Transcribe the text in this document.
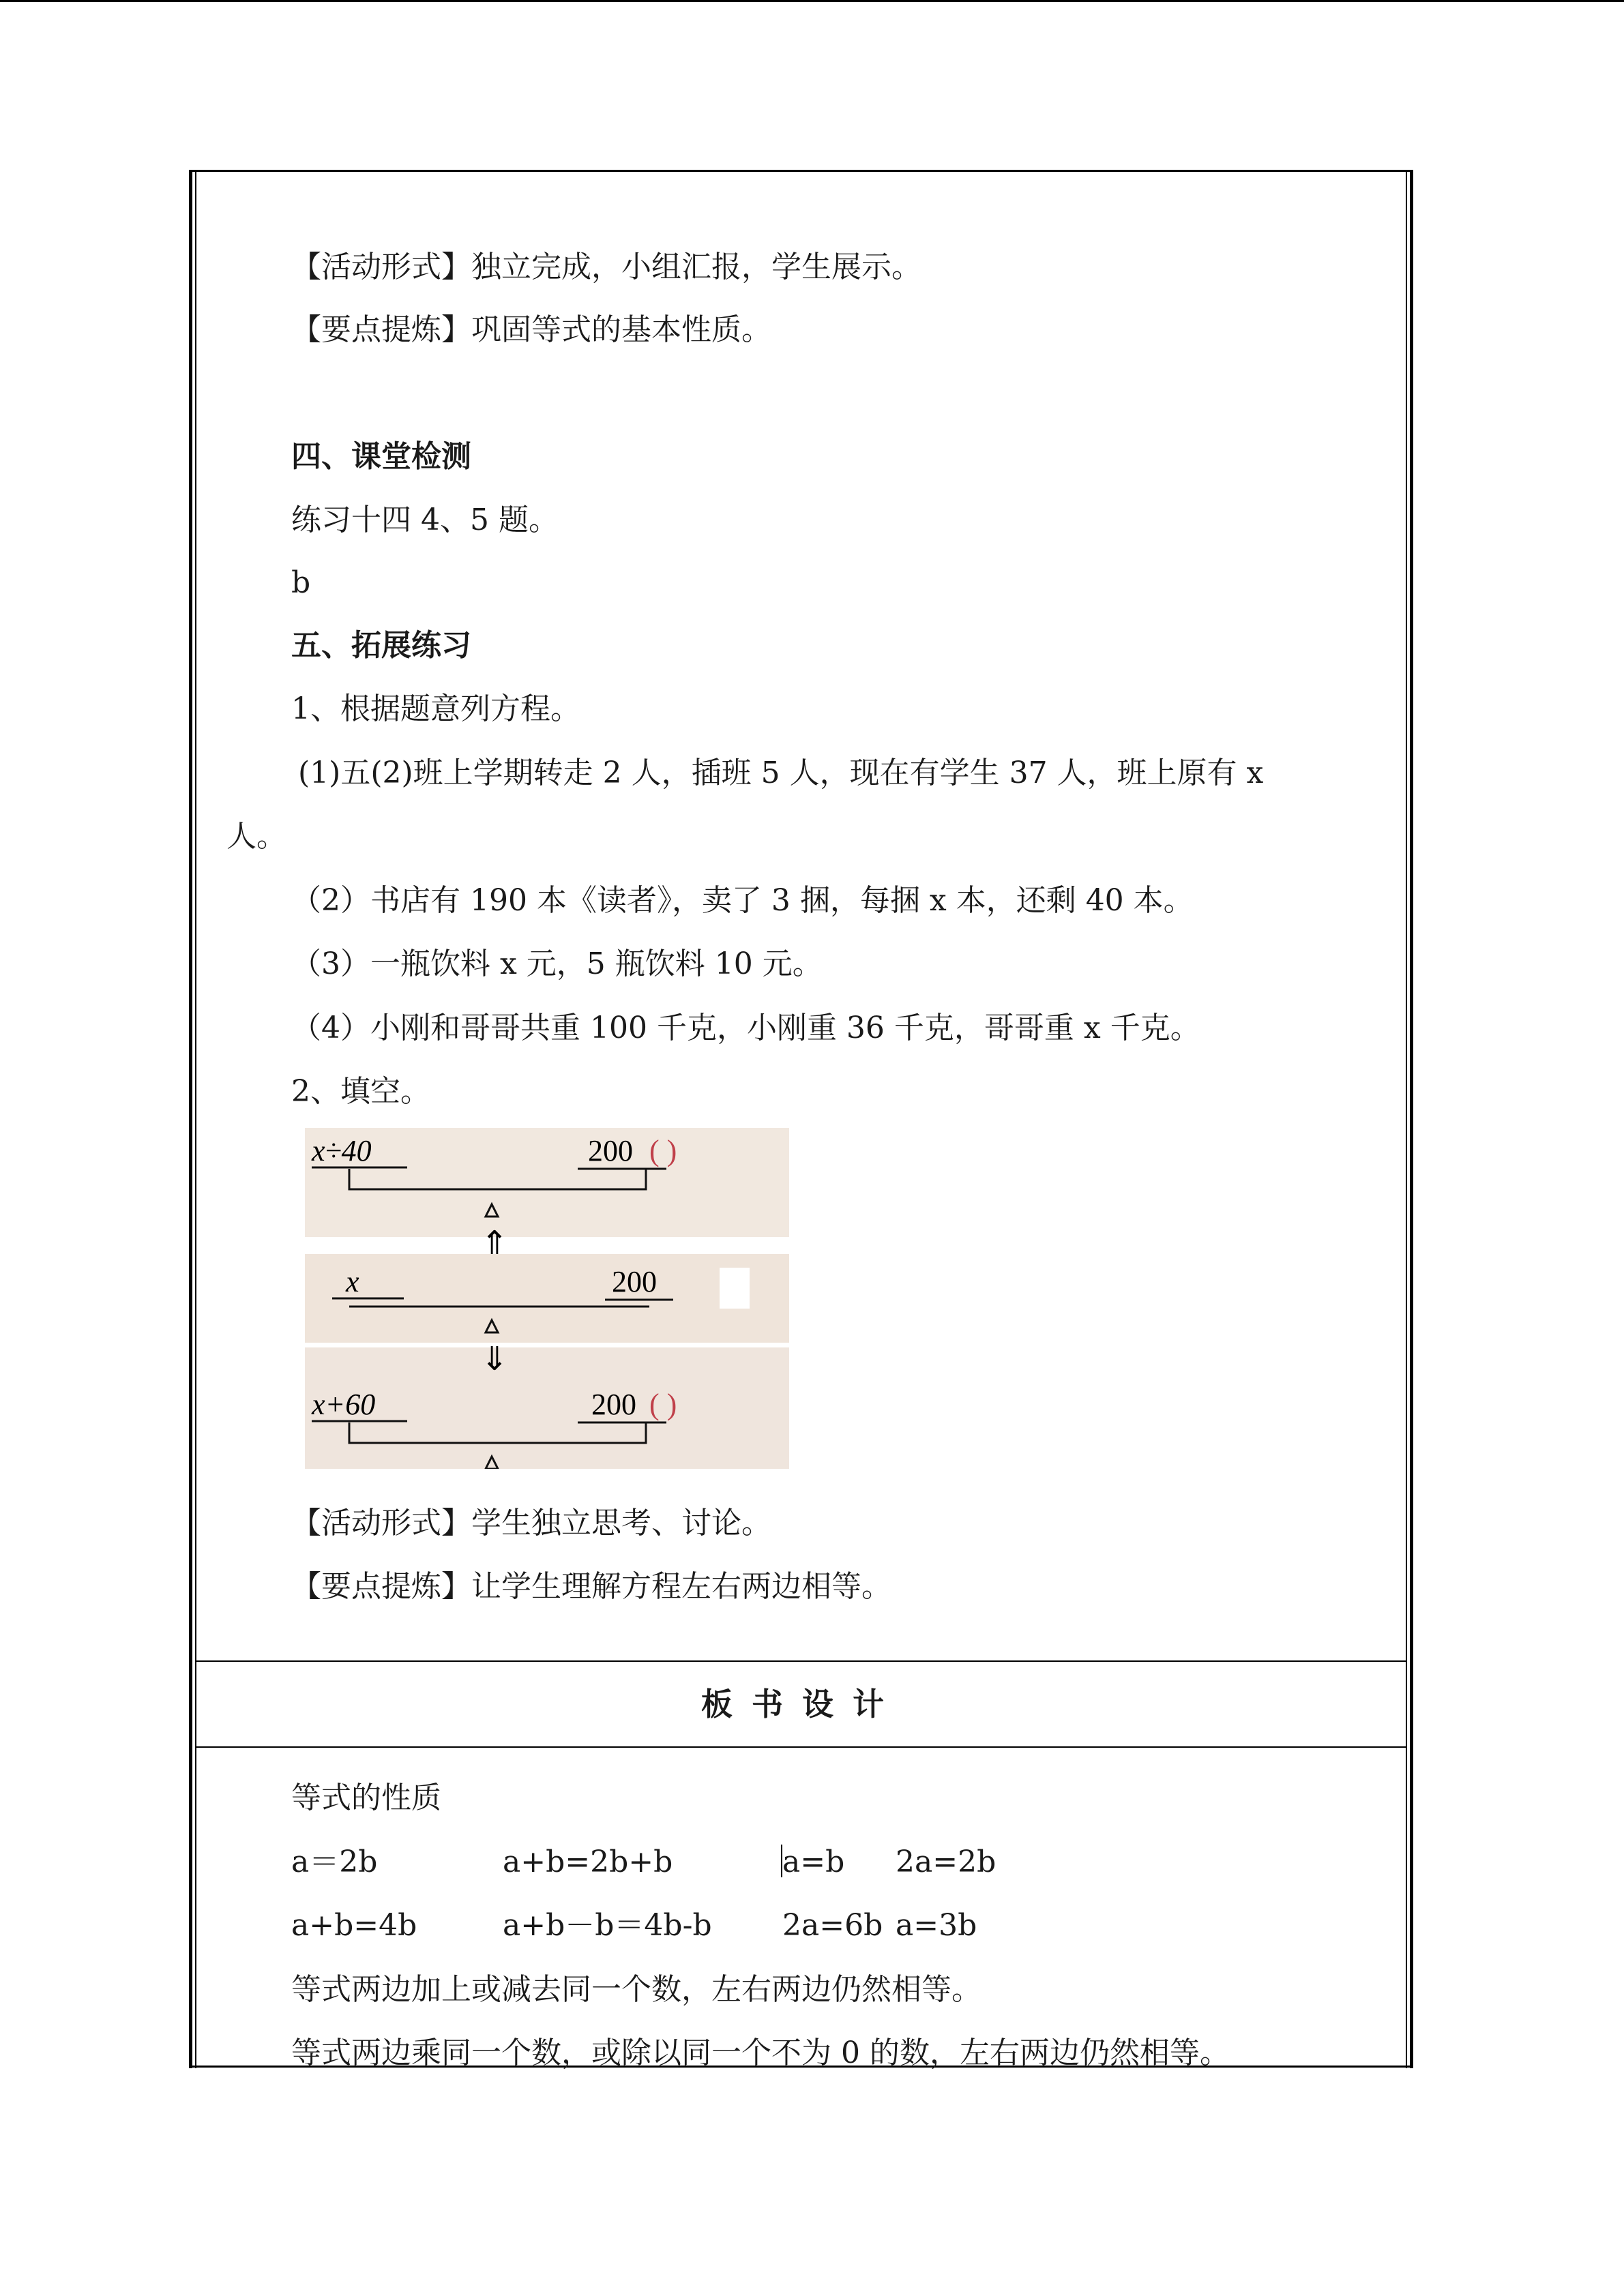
【活动形式】独立完成，小组汇报，学生展示。
【要点提炼】巩固等式的基本性质。
四、课堂检测
练习十四 4、5 题。
b
五、拓展练习
1、根据题意列方程。
(1)五(2)班上学期转走 2 人，插班 5 人，现在有学生 37 人，班上原有 x
人。
（2）书店有 190 本《读者》，卖了 3 捆，每捆 x 本，还剩 40 本。
（3）一瓶饮料 x 元，5 瓶饮料 10 元。
（4）小刚和哥哥共重 100 千克，小刚重 36 千克，哥哥重 x 千克。
2、填空。
x÷40	200 ( )
⇑
x	200
⇓
x+60	200 ( )
【活动形式】学生独立思考、讨论。
【要点提炼】让学生理解方程左右两边相等。
板书设计
等式的性质
a＝2b	a+b=2b+b	a=b 2a=2b
a+b=4b	a+b－b＝4b-b 2a=6b a=3b
等式两边加上或减去同一个数，左右两边仍然相等。
等式两边乘同一个数，或除以同一个不为 0 的数，左右两边仍然相等。
